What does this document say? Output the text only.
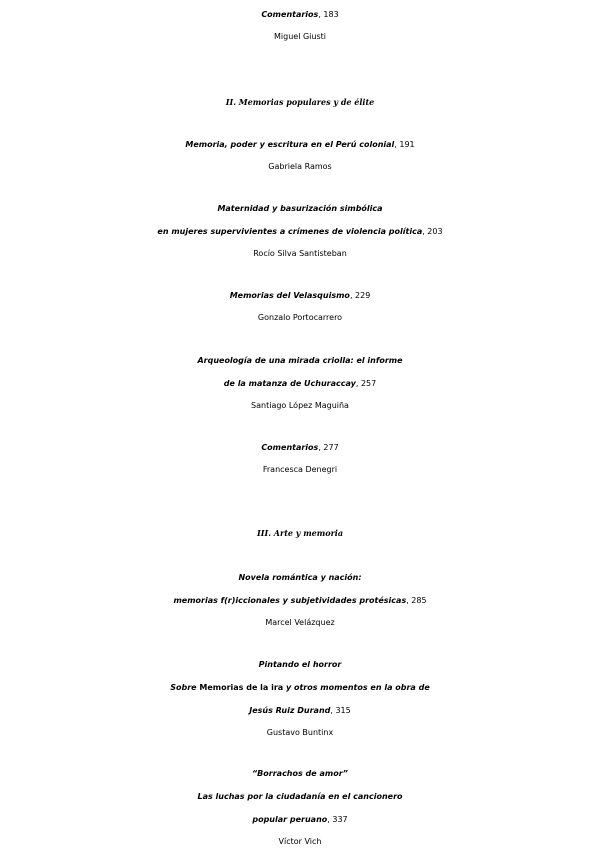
Comentarios, 183
Miguel Giusti
II. Memorias populares y de élite
Memoria, poder y escritura en el Perú colonial, 191
Gabriela Ramos
Maternidad y basurización simbólica
en mujeres supervivientes a crímenes de violencia política, 203
Rocío Silva Santisteban
Memorias del Velasquismo, 229
Gonzalo Portocarrero
Arqueología de una mirada criolla: el informe
de la matanza de Uchuraccay, 257
Santiago López Maguiña
Comentarios, 277
Francesca Denegri
III. Arte y memoria
Novela romántica y nación:
memorias f(r)iccionales y subjetividades protésicas, 285
Marcel Velázquez
Pintando el horror
Sobre Memorias de la ira y otros momentos en la obra de
Jesús Ruiz Durand, 315
Gustavo Buntinx
“Borrachos de amor”
Las luchas por la ciudadanía en el cancionero
popular peruano, 337
Víctor Vich
